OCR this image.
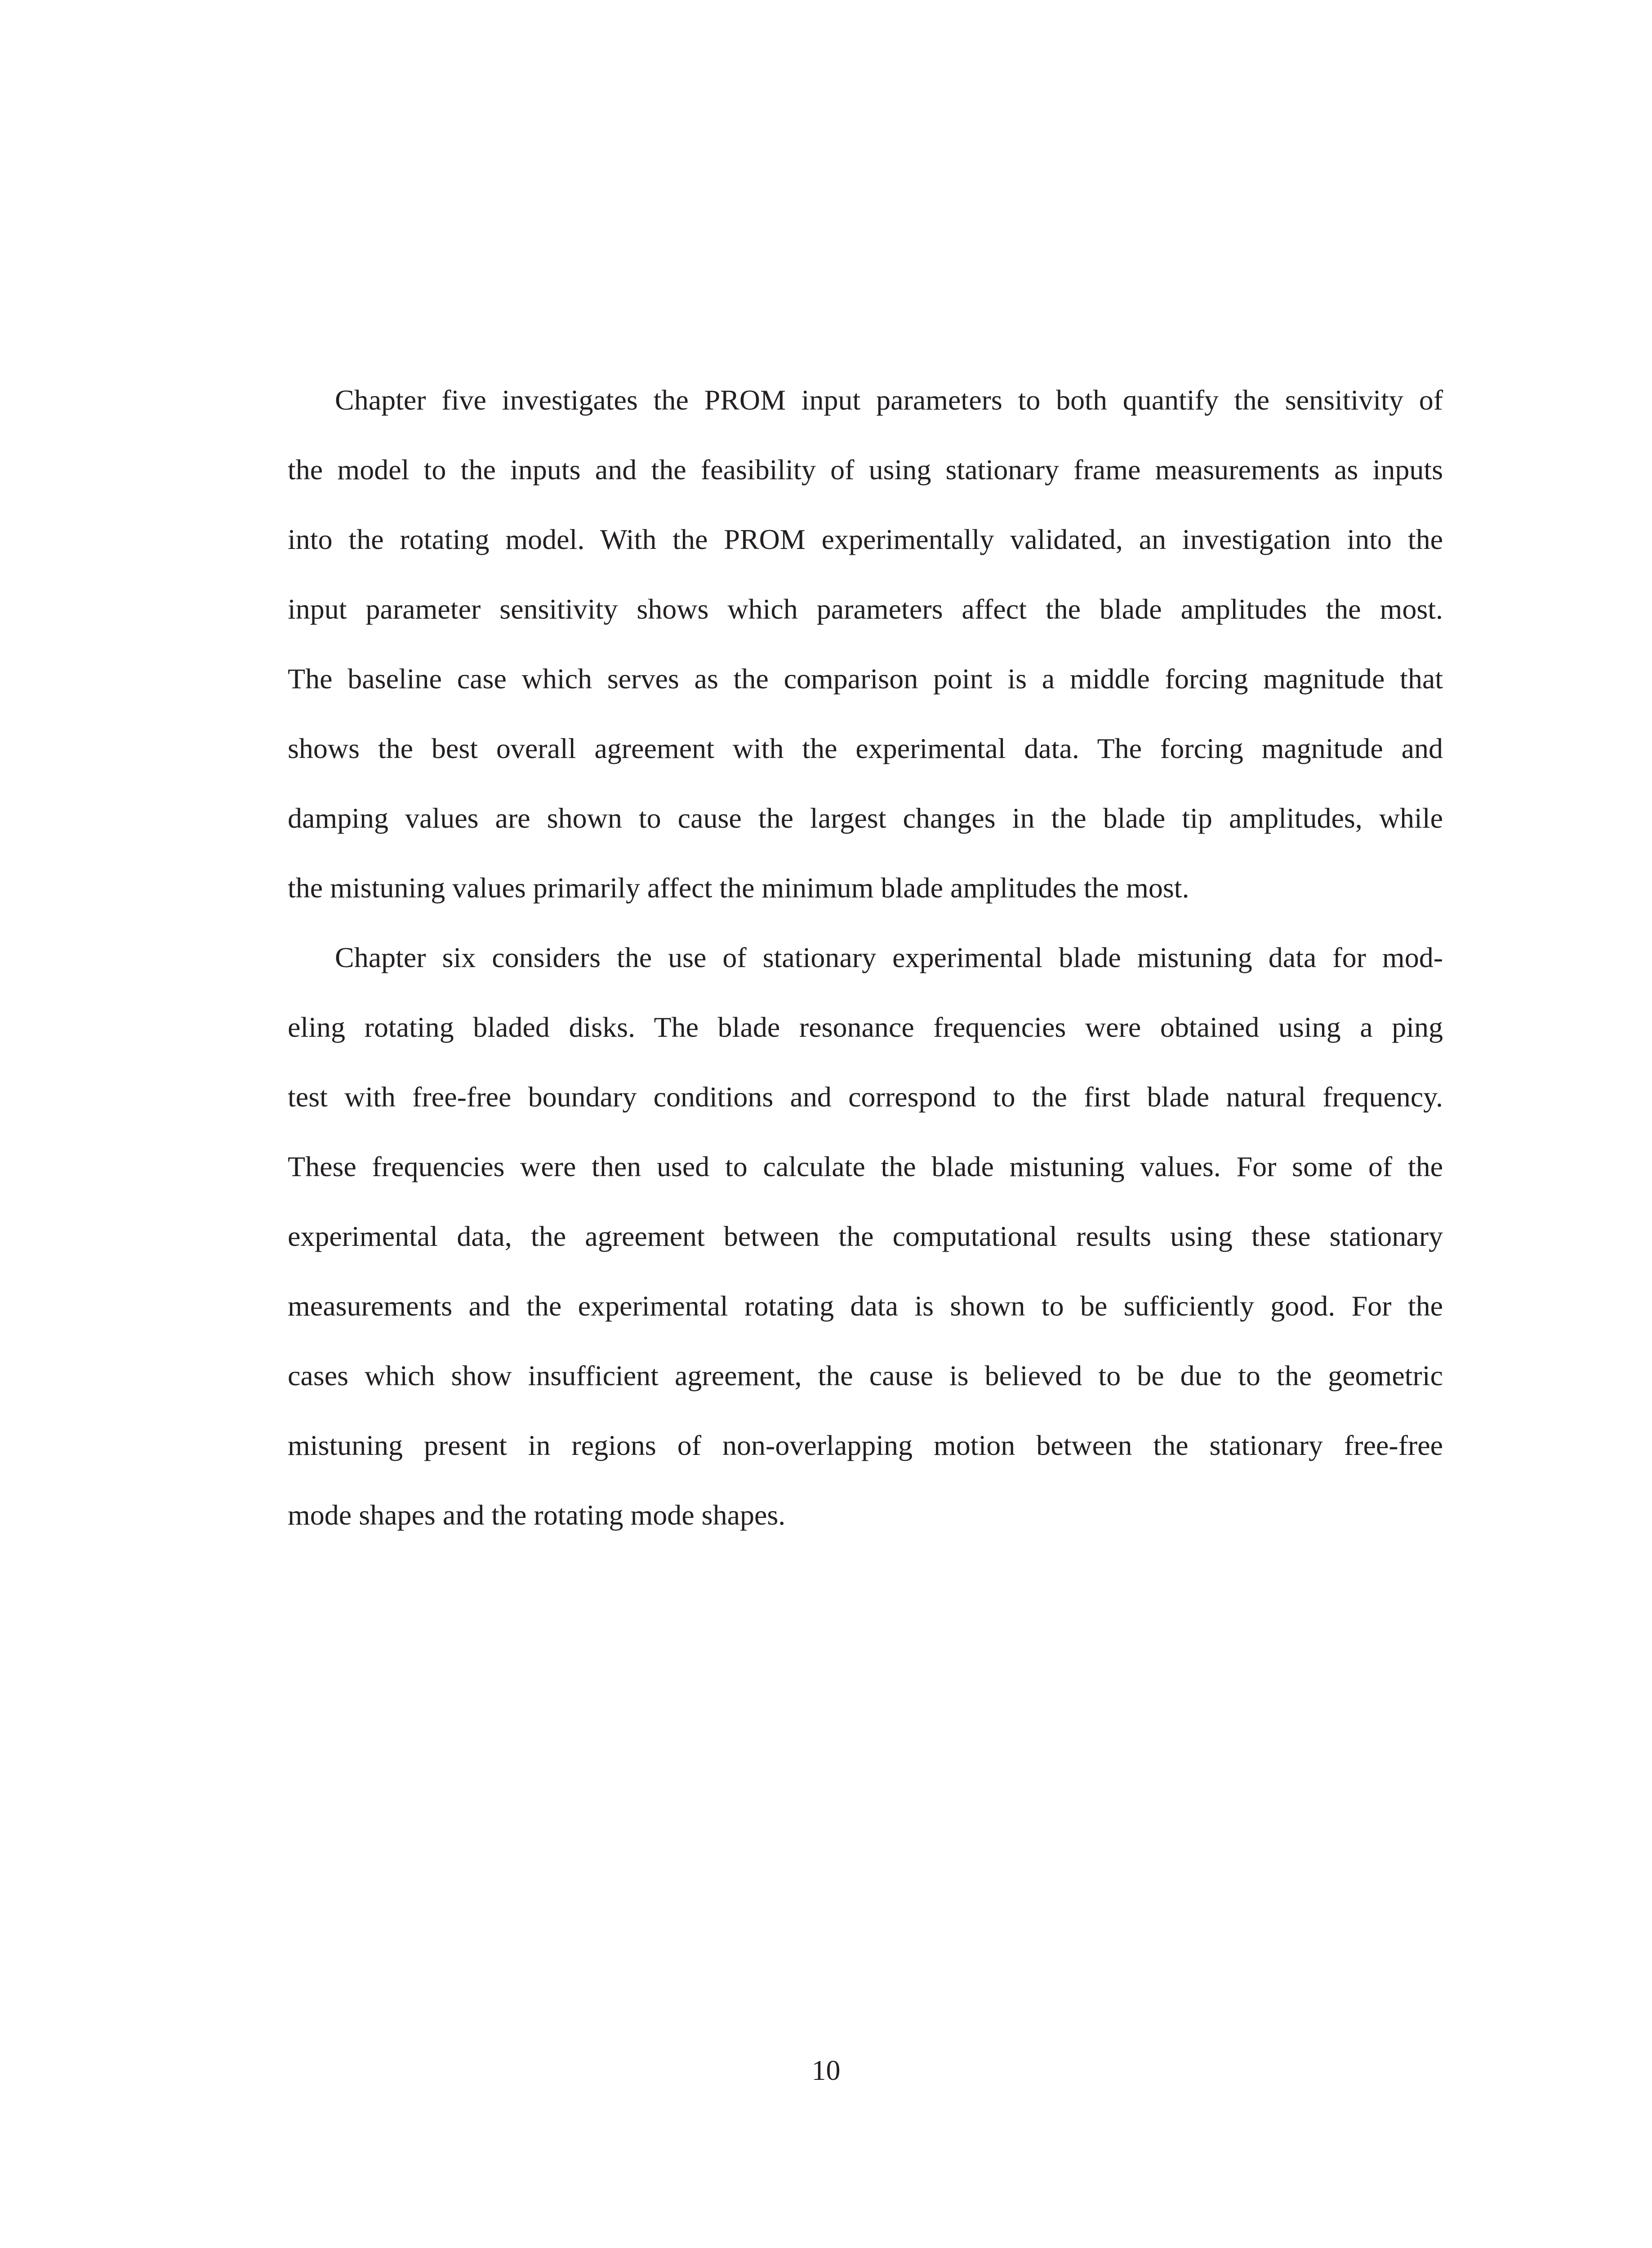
Chapter five investigates the PROM input parameters to both quantify the sensitivity of
the model to the inputs and the feasibility of using stationary frame measurements as inputs
into the rotating model. With the PROM experimentally validated, an investigation into the
input parameter sensitivity shows which parameters affect the blade amplitudes the most.
The baseline case which serves as the comparison point is a middle forcing magnitude that
shows the best overall agreement with the experimental data. The forcing magnitude and
damping values are shown to cause the largest changes in the blade tip amplitudes, while
the mistuning values primarily affect the minimum blade amplitudes the most.
Chapter six considers the use of stationary experimental blade mistuning data for mod-
eling rotating bladed disks. The blade resonance frequencies were obtained using a ping
test with free-free boundary conditions and correspond to the first blade natural frequency.
These frequencies were then used to calculate the blade mistuning values. For some of the
experimental data, the agreement between the computational results using these stationary
measurements and the experimental rotating data is shown to be sufficiently good. For the
cases which show insufficient agreement, the cause is believed to be due to the geometric
mistuning present in regions of non-overlapping motion between the stationary free-free
mode shapes and the rotating mode shapes.
10
